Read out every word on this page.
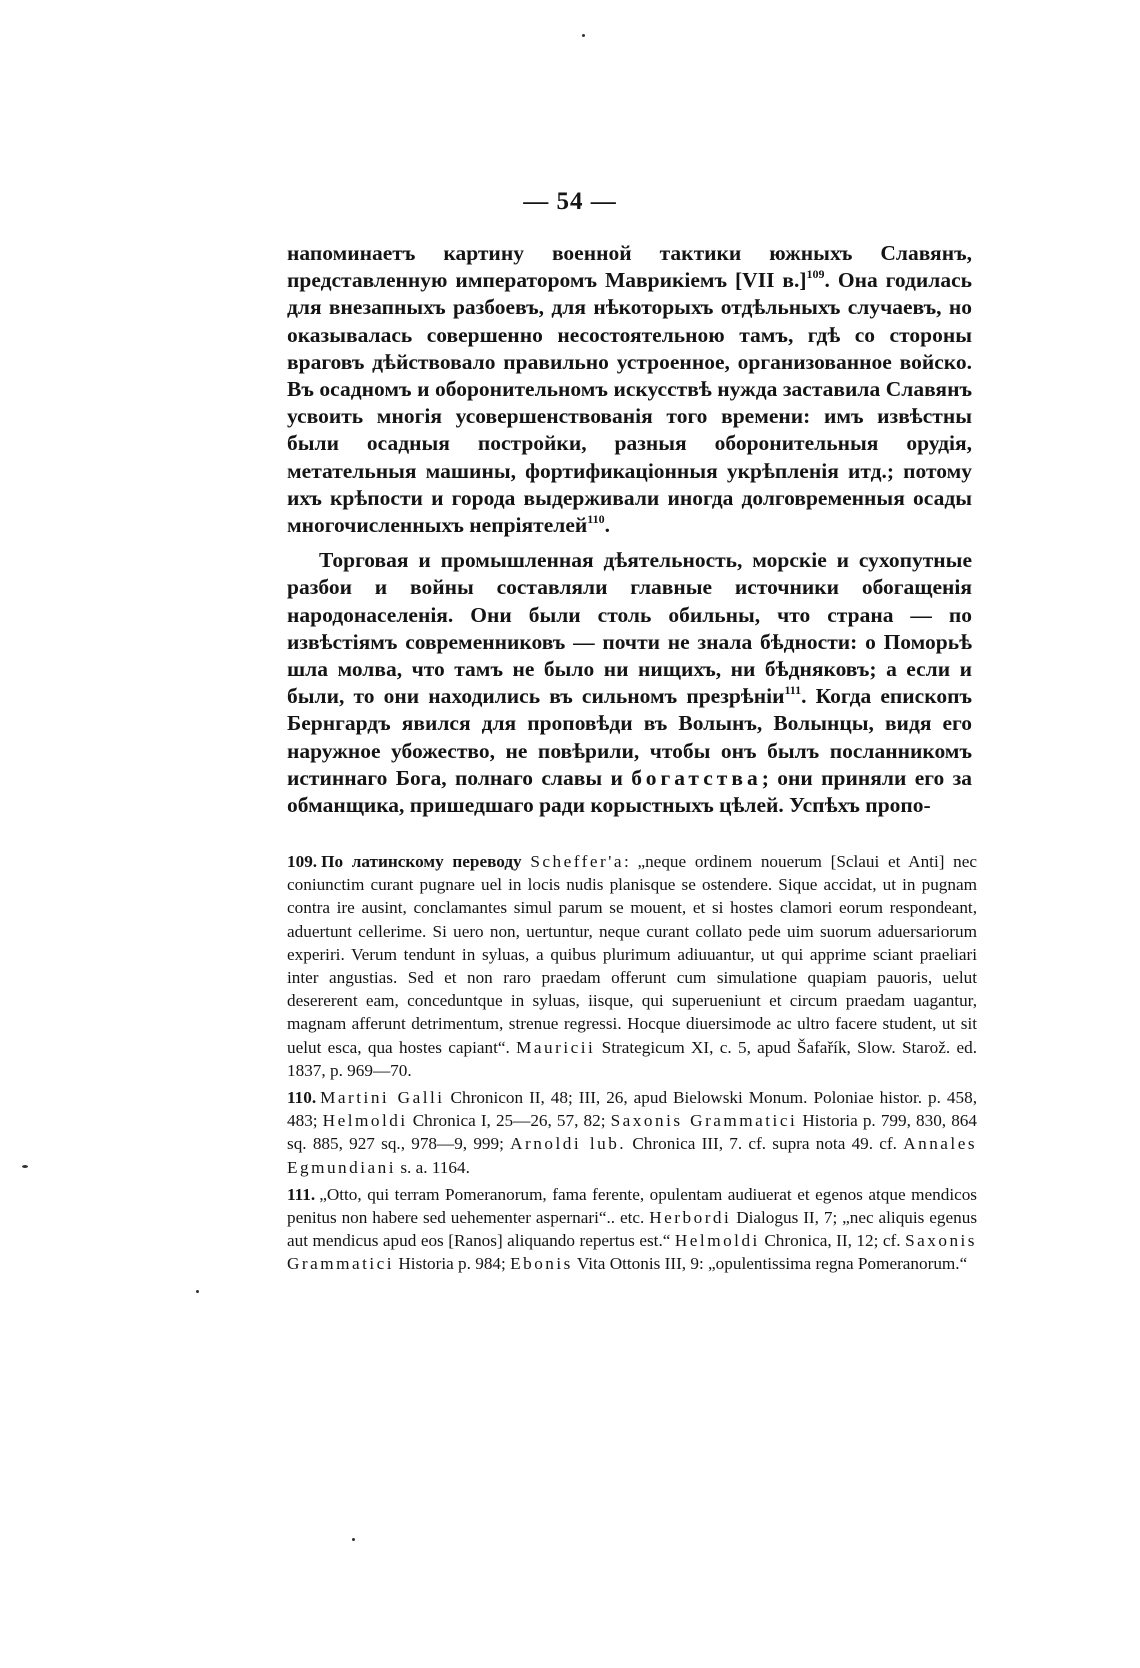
— 54 —

напоминаетъ картину военной тактики южныхъ Славянъ, представленную императоромъ Маврикіемъ [VII в.]$^{109}$. Она годилась для внезапныхъ разбоевъ, для нѣкоторыхъ отдѣльныхъ случаевъ, но оказывалась совершенно несостоятельною тамъ, гдѣ со стороны враговъ дѣйствовало правильно устроенное, организованное войско. Въ осадномъ и оборонительномъ искусствѣ нужда заставила Славянъ усвоить многія усовершенствованія того времени: имъ извѣстны были осадныя постройки, разныя оборонительныя орудія, метательныя машины, фортификаціонныя укрѣпленія итд.; потому ихъ крѣпости и города выдерживали иногда долговременныя осады многочисленныхъ непріятелей$^{110}$.

Торговая и промышленная дѣятельность, морскіе и сухопутные разбои и войны составляли главные источники обогащенія народонаселенія. Они были столь обильны, что страна — по извѣстіямъ современниковъ — почти не знала бѣдности: о Поморьѣ шла молва, что тамъ не было ни нищихъ, ни бѣдняковъ; а если и были, то они находились въ сильномъ презрѣніи$^{111}$. Когда епископъ Бернгардъ явился для проповѣди въ Волынъ, Волынцы, видя его наружное убожество, не повѣрили, чтобы онъ былъ посланникомъ истиннаго Бога, полнаго славы и богатства; они приняли его за обманщика, пришедшаго ради корыстныхъ цѣлей. Успѣхъ пропо-

109. По латинскому переводу Scheffer'a: „neque ordinem nouerum [Sclaui et Anti] nec coniunctim curant pugnare uel in locis nudis planisque se ostendere. Sique accidat, ut in pugnam contra ire ausint, conclamantes simul parum se mouent, et si hostes clamori eorum respondeant, aduertunt cellerime. Si uero non, uertuntur, neque curant collato pede uim suorum aduersariorum experiri. Verum tendunt in syluas, a quibus plurimum adiuuantur, ut qui apprime sciant praeliari inter angustias. Sed et non raro praedam offerunt cum simulatione quapiam pauoris, uelut desererent eam, conceduntque in syluas, iisque, qui superueniunt et circum praedam uagantur, magnam afferunt detrimentum, strenue regressi. Hocque diuersimode ac ultro facere student, ut sit uelut esca, qua hostes capiant“. Mauricii Strategicum XI, c. 5, apud Šafařík, Slow. Starož. ed. 1837, p. 969—70.

110. Martini Galli Chronicon II, 48; III, 26, apud Bielowski Monum. Poloniae histor. p. 458, 483; Helmoldi Chronica I, 25—26, 57, 82; Saxonis Grammatici Historia p. 799, 830, 864 sq. 885, 927 sq., 978—9, 999; Arnoldi lub. Chronica III, 7. cf. supra nota 49. cf. Annales Egmundiani s. a. 1164.

111. „Otto, qui terram Pomeranorum, fama ferente, opulentam audiuerat et egenos atque mendicos penitus non habere sed uehementer aspernari“.. etc. Herbordi Dialogus II, 7; „nec aliquis egenus aut mendicus apud eos [Ranos] aliquando repertus est.“ Helmoldi Chronica, II, 12; cf. Saxonis Grammatici Historia p. 984; Ebonis Vita Ottonis III, 9: „opulentissima regna Pomeranorum.“
